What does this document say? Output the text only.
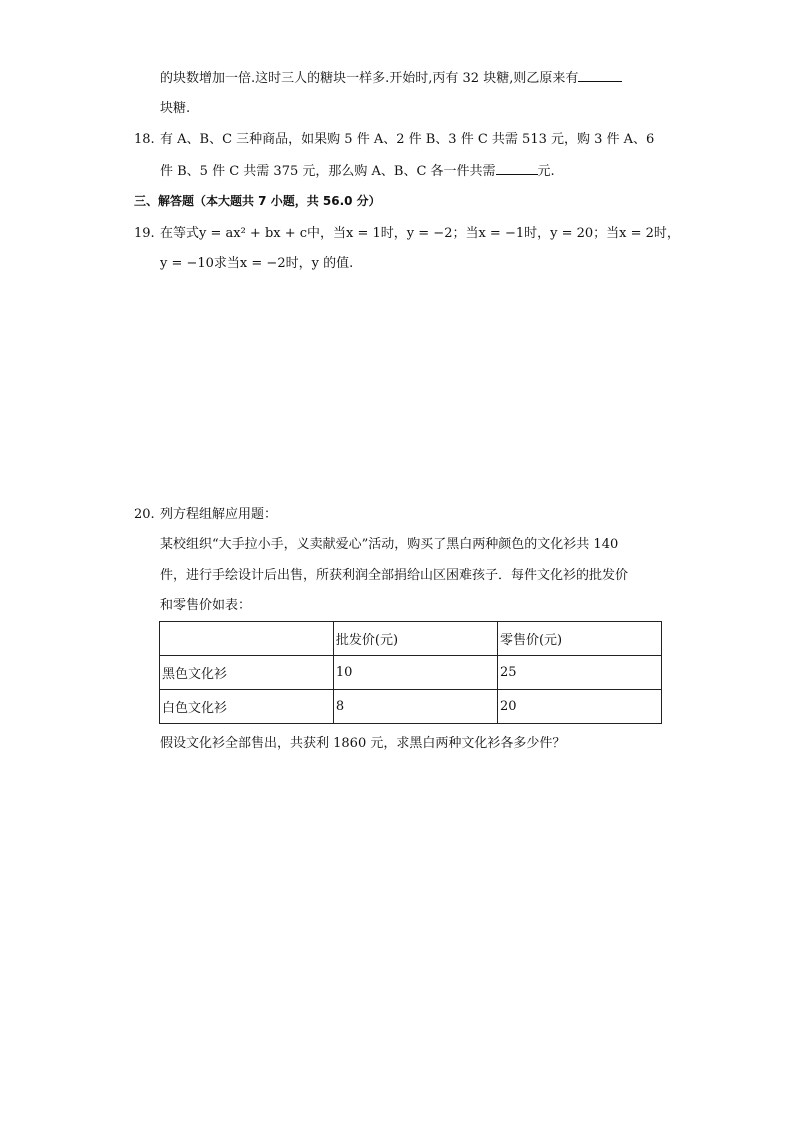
的块数增加一倍.这时三人的糖块一样多.开始时,丙有 32 块糖,则乙原来有
块糖.
18. 有 A、B、C 三种商品，如果购 5 件 A、2 件 B、3 件 C 共需 513 元，购 3 件 A、6
件 B、5 件 C 共需 375 元，那么购 A、B、C 各一件共需	元.
三、解答题（本大题共 7 小题，共 56.0 分）
19. 在等式y = ax² + bx + c中，当x = 1时，y = −2；当x = −1时，y = 20；当x = 2时，
y = −10求当x = −2时，y 的值.
20. 列方程组解应用题：
某校组织“大手拉小手，义卖献爱心”活动，购买了黑白两种颜色的文化衫共 140
件，进行手绘设计后出售，所获利润全部捐给山区困难孩子．每件文化衫的批发价
和零售价如表：
	批发价(元)	零售价(元)
黑色文化衫	10	25
白色文化衫	8	20
假设文化衫全部售出，共获利 1860 元，求黑白两种文化衫各多少件？
